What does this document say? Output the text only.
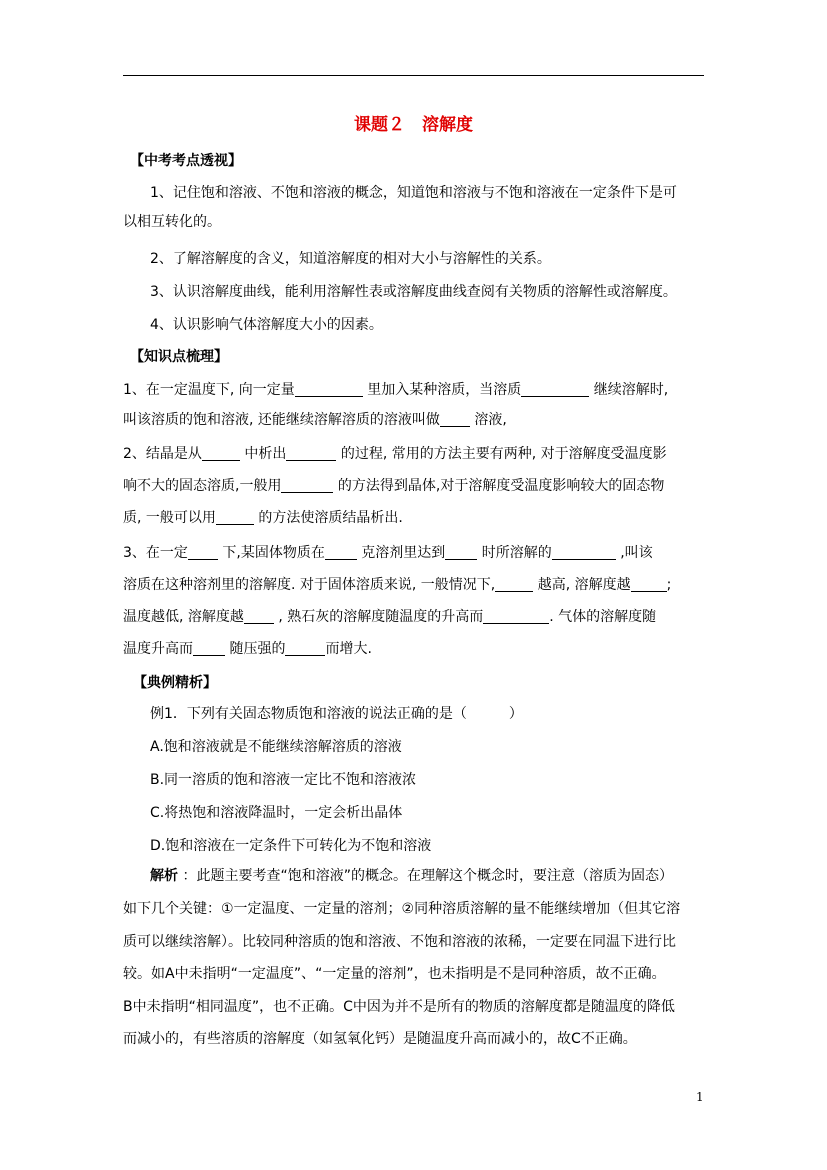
课题２　溶解度
【中考考点透视】
1、记住饱和溶液、不饱和溶液的概念，知道饱和溶液与不饱和溶液在一定条件下是可
以相互转化的。
2、了解溶解度的含义，知道溶解度的相对大小与溶解性的关系。
3、认识溶解度曲线，能利用溶解性表或溶解度曲线查阅有关物质的溶解性或溶解度。
4、认识影响气体溶解度大小的因素。
【知识点梳理】
1、在一定温度下, 向一定量	里加入某种溶质，当溶质	继续溶解时,
叫该溶质的饱和溶液, 还能继续溶解溶质的溶液叫做 溶液,
2、结晶是从	中析出	的过程, 常用的方法主要有两种, 对于溶解度受温度影
响不大的固态溶质,一般用	的方法得到晶体,对于溶解度受温度影响较大的固态物
质, 一般可以用	的方法使溶质结晶析出.
3、在一定 下,某固体物质在	克溶剂里达到	时所溶解的	,叫该
溶质在这种溶剂里的溶解度. 对于固体溶质来说, 一般情况下,	越高, 溶解度越	;
温度越低, 溶解度越 , 熟石灰的溶解度随温度的升高而	. 气体的溶解度随
温度升高而	随压强的	而增大.
【典例精析】
例1．下列有关固态物质饱和溶液的说法正确的是（　　　）
A.饱和溶液就是不能继续溶解溶质的溶液
B.同一溶质的饱和溶液一定比不饱和溶液浓
C.将热饱和溶液降温时，一定会析出晶体
D.饱和溶液在一定条件下可转化为不饱和溶液
解析 ：此题主要考查“饱和溶液”的概念。在理解这个概念时，要注意（溶质为固态）
如下几个关键：①一定温度、一定量的溶剂；②同种溶质溶解的量不能继续增加（但其它溶
质可以继续溶解）。比较同种溶质的饱和溶液、不饱和溶液的浓稀，一定要在同温下进行比
较。如A中未指明“一定温度”、“一定量的溶剂”，也未指明是不是同种溶质，故不正确。
B中未指明“相同温度”，也不正确。C中因为并不是所有的物质的溶解度都是随温度的降低
而减小的，有些溶质的溶解度（如氢氧化钙）是随温度升高而减小的，故C不正确。
1
